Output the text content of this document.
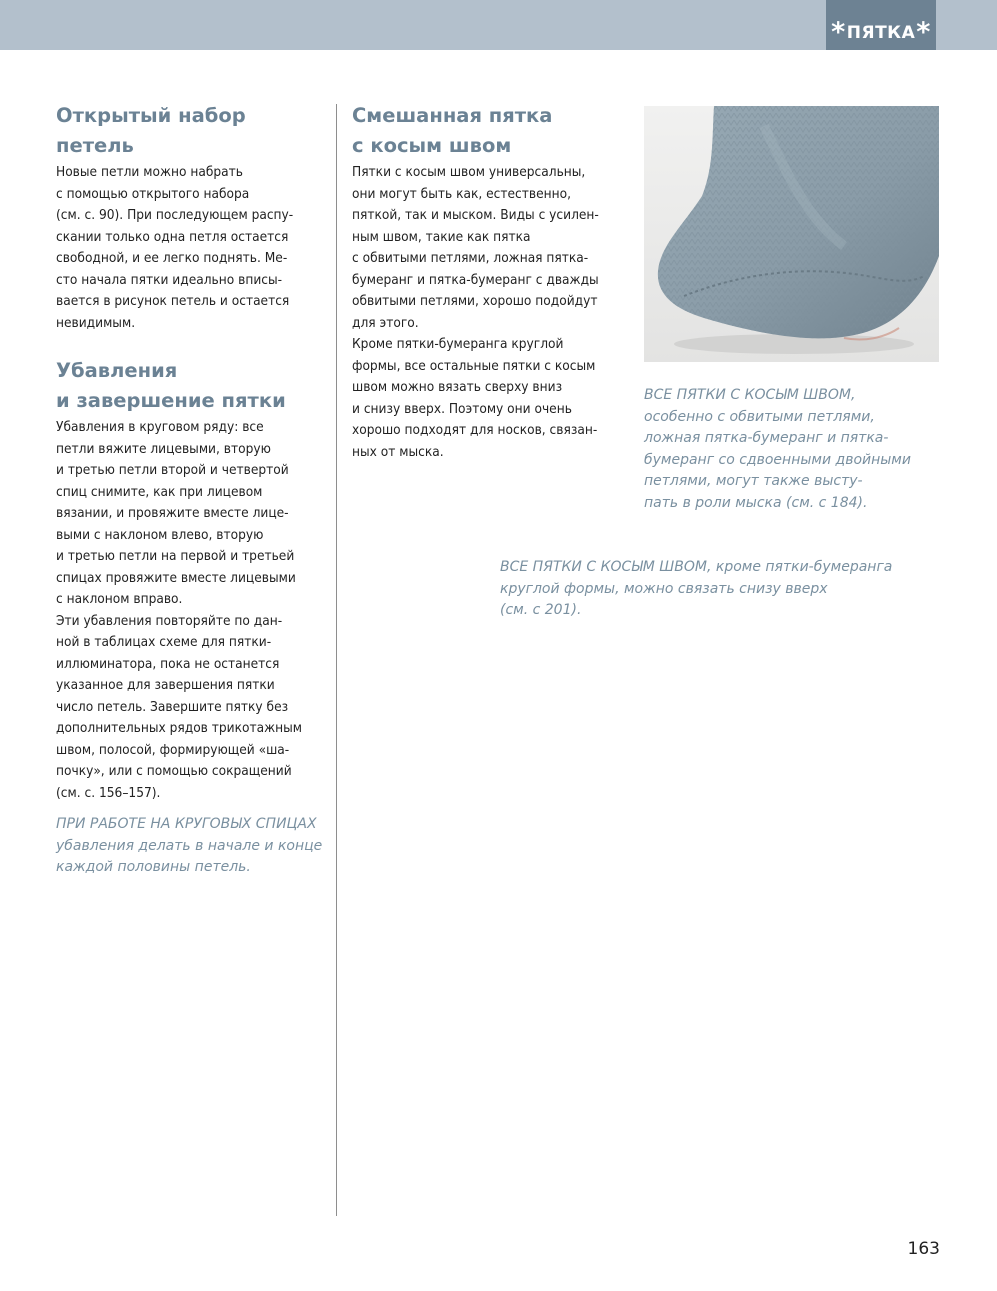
* ПЯТКА *
Открытый набор
петель

Новые петли можно набрать
с помощью открытого набора
(см. с. 90). При последующем распу-
скании только одна петля остается
свободной, и ее легко поднять. Ме-
сто начала пятки идеально вписы-
вается в рисунок петель и остается
невидимым.

Убавления
и завершение пятки

Убавления в круговом ряду: все
петли вяжите лицевыми, вторую
и третью петли второй и четвертой
спиц снимите, как при лицевом
вязании, и провяжите вместе лице-
выми с наклоном влево, вторую
и третью петли на первой и третьей
спицах провяжите вместе лицевыми
с наклоном вправо.
Эти убавления повторяйте по дан-
ной в таблицах схеме для пятки-
иллюминатора, пока не останется
указанное для завершения пятки
число петель. Завершите пятку без
дополнительных рядов трикотажным
швом, полосой, формирующей «ша-
почку», или с помощью сокращений
(см. с. 156–157).

ПРИ РАБОТЕ НА КРУГОВЫХ СПИЦАХ
убавления делать в начале и конце
каждой половины петель.

Смешанная пятка
с косым швом

Пятки с косым швом универсальны,
они могут быть как, естественно,
пяткой, так и мыском. Виды с усилен-
ным швом, такие как пятка
с обвитыми петлями, ложная пятка-
бумеранг и пятка-бумеранг с дважды
обвитыми петлями, хорошо подойдут
для этого.
Кроме пятки-бумеранга круглой
формы, все остальные пятки с косым
швом можно вязать сверху вниз
и снизу вверх. Поэтому они очень
хорошо подходят для носков, связан-
ных от мыска.

ВСЕ ПЯТКИ С КОСЫМ ШВОМ,
особенно с обвитыми петлями,
ложная пятка-бумеранг и пятка-
бумеранг со сдвоенными двойными
петлями, могут также высту-
пать в роли мыска (см. с 184).

ВСЕ ПЯТКИ С КОСЫМ ШВОМ, кроме пятки-бумеранга
круглой формы, можно связать снизу вверх
(см. с 201).

163
